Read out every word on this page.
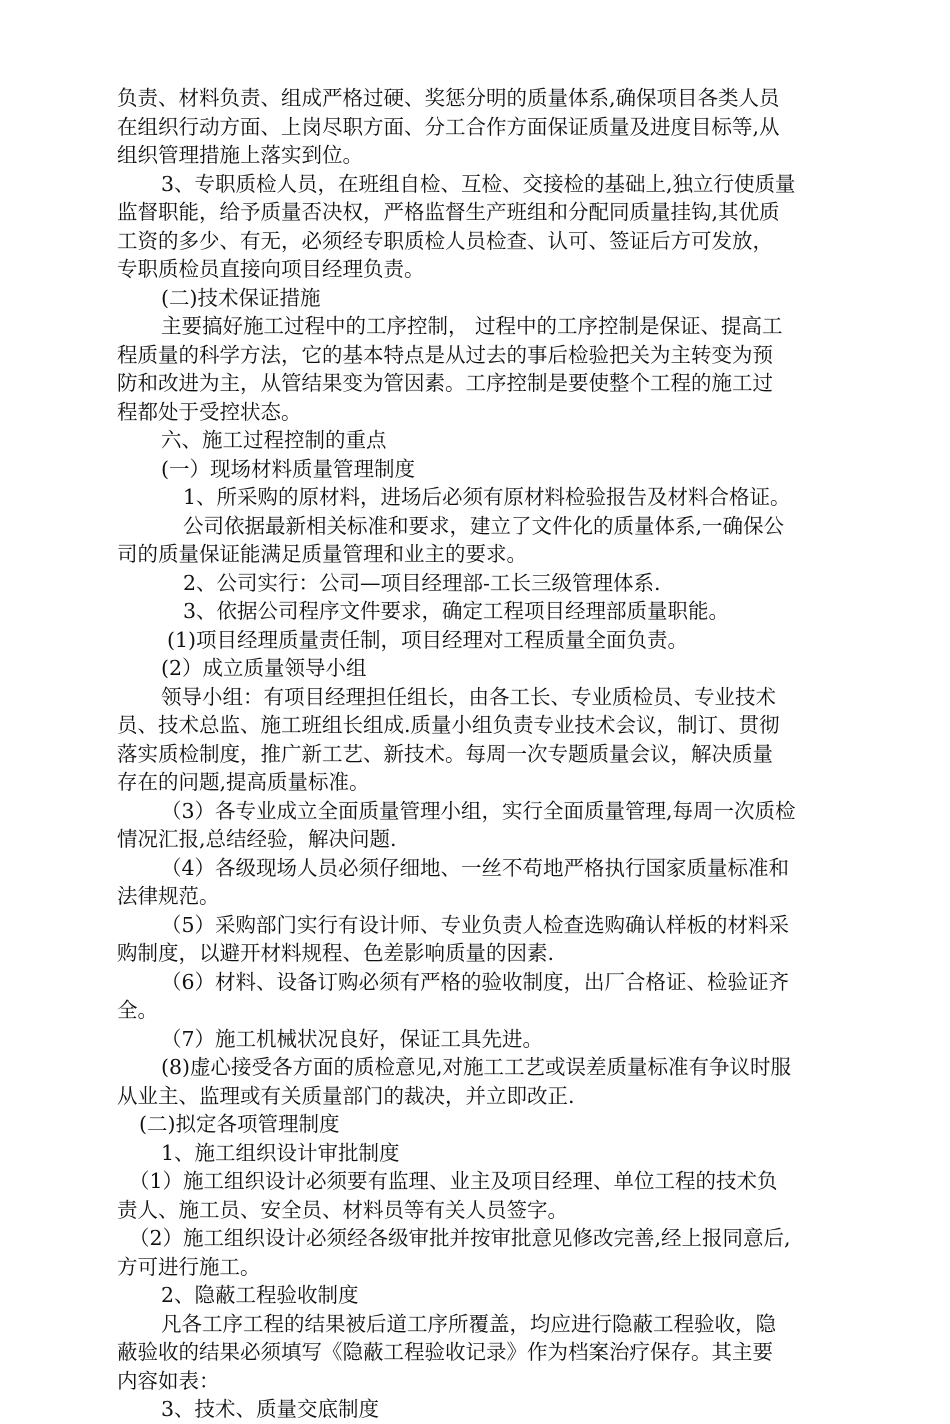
负责、材料负责、组成严格过硬、奖惩分明的质量体系,确保项目各类人员

在组织行动方面、上岗尽职方面、分工合作方面保证质量及进度目标等,从

组织管理措施上落实到位。

3、专职质检人员，在班组自检、互检、交接检的基础上,独立行使质量

监督职能，给予质量否决权，严格监督生产班组和分配同质量挂钩,其优质

工资的多少、有无，必须经专职质检人员检查、认可、签证后方可发放，

专职质检员直接向项目经理负责。

(二)技术保证措施

主要搞好施工过程中的工序控制， 过程中的工序控制是保证、提高工

程质量的科学方法，它的基本特点是从过去的事后检验把关为主转变为预

防和改进为主，从管结果变为管因素。工序控制是要使整个工程的施工过

程都处于受控状态。

六、施工过程控制的重点

(一）现场材料质量管理制度

1、所采购的原材料，进场后必须有原材料检验报告及材料合格证。

公司依据最新相关标准和要求，建立了文件化的质量体系,一确保公

司的质量保证能满足质量管理和业主的要求。

2、公司实行：公司—项目经理部-工长三级管理体系.

3、依据公司程序文件要求，确定工程项目经理部质量职能。

(1)项目经理质量责任制，项目经理对工程质量全面负责。

(2）成立质量领导小组

领导小组：有项目经理担任组长，由各工长、专业质检员、专业技术

员、技术总监、施工班组长组成.质量小组负责专业技术会议，制订、贯彻

落实质检制度，推广新工艺、新技术。每周一次专题质量会议，解决质量

存在的问题,提高质量标准。

（3）各专业成立全面质量管理小组，实行全面质量管理,每周一次质检

情况汇报,总结经验，解决问题.

（4）各级现场人员必须仔细地、一丝不苟地严格执行国家质量标准和

法律规范。

（5）采购部门实行有设计师、专业负责人检查选购确认样板的材料采

购制度，以避开材料规程、色差影响质量的因素.

（6）材料、设备订购必须有严格的验收制度，出厂合格证、检验证齐

全。

（7）施工机械状况良好，保证工具先进。

(8)虚心接受各方面的质检意见,对施工工艺或误差质量标准有争议时服

从业主、监理或有关质量部门的裁决，并立即改正.

(二)拟定各项管理制度

1、施工组织设计审批制度

（1）施工组织设计必须要有监理、业主及项目经理、单位工程的技术负

责人、施工员、安全员、材料员等有关人员签字。

（2）施工组织设计必须经各级审批并按审批意见修改完善,经上报同意后,

方可进行施工。

2、隐蔽工程验收制度

凡各工序工程的结果被后道工序所覆盖，均应进行隐蔽工程验收，隐

蔽验收的结果必须填写《隐蔽工程验收记录》作为档案治疗保存。其主要

内容如表：

3、技术、质量交底制度
